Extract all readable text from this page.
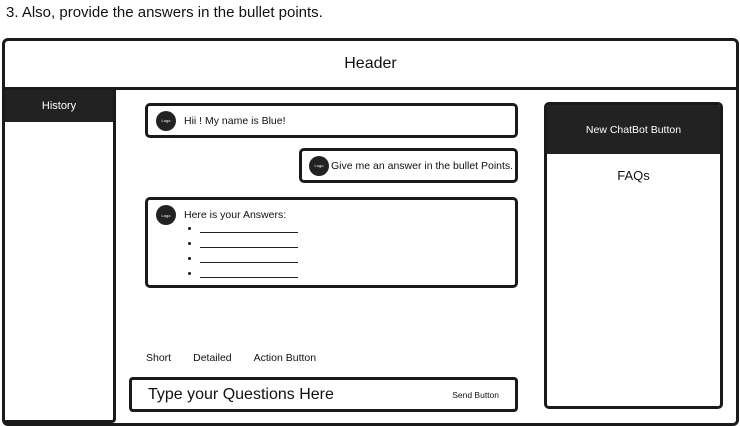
3. Also, provide the answers in the bullet points.
Header
History
Logo	Hii ! My name is Blue!
Logo Give me an answer in the bullet Points.
Logo	Here is your Answers:
•
•
•
•
Short Detailed Action Button
Type your Questions Here	Send Button
New ChatBot Button
FAQs
